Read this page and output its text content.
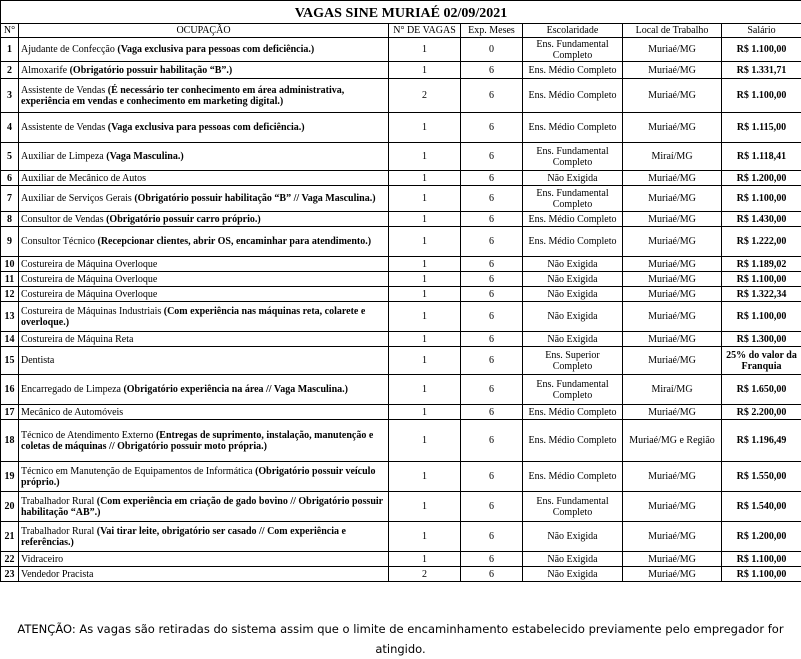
VAGAS SINE MURIAÉ 02/09/2021						
N°	OCUPAÇÃO	N° DE VAGAS	Exp. Meses	Escolaridade	Local de Trabalho	Salário
1	Ajudante de Confecção (Vaga exclusiva para pessoas com deficiência.)	1	0	Ens. Fundamental Completo	Muriaé/MG	R$ 1.100,00
2	Almoxarife (Obrigatório possuir habilitação “B”.)	1	6	Ens. Médio Completo	Muriaé/MG	R$ 1.331,71
3	Assistente de Vendas (É necessário ter conhecimento em área administrativa, experiência em vendas e conhecimento em marketing digital.)	2	6	Ens. Médio Completo	Muriaé/MG	R$ 1.100,00
4	Assistente de Vendas (Vaga exclusiva para pessoas com deficiência.)	1	6	Ens. Médio Completo	Muriaé/MG	R$ 1.115,00
5	Auxiliar de Limpeza (Vaga Masculina.)	1	6	Ens. Fundamental Completo	Miraí/MG	R$ 1.118,41
6	Auxiliar de Mecânico de Autos	1	6	Não Exigida	Muriaé/MG	R$ 1.200,00
7	Auxiliar de Serviços Gerais (Obrigatório possuir habilitação “B” // Vaga Masculina.)	1	6	Ens. Fundamental Completo	Muriaé/MG	R$ 1.100,00
8	Consultor de Vendas (Obrigatório possuir carro próprio.)	1	6	Ens. Médio Completo	Muriaé/MG	R$ 1.430,00
9	Consultor Técnico (Recepcionar clientes, abrir OS, encaminhar para atendimento.)	1	6	Ens. Médio Completo	Muriaé/MG	R$ 1.222,00
10	Costureira de Máquina Overloque	1	6	Não Exigida	Muriaé/MG	R$ 1.189,02
11	Costureira de Máquina Overloque	1	6	Não Exigida	Muriaé/MG	R$ 1.100,00
12	Costureira de Máquina Overloque	1	6	Não Exigida	Muriaé/MG	R$ 1.322,34
13	Costureira de Máquinas Industriais (Com experiência nas máquinas reta, colarete e overloque.)	1	6	Não Exigida	Muriaé/MG	R$ 1.100,00
14	Costureira de Máquina Reta	1	6	Não Exigida	Muriaé/MG	R$ 1.300,00
15	Dentista	1	6	Ens. Superior Completo	Muriaé/MG	25% do valor da Franquia
16	Encarregado de Limpeza (Obrigatório experiência na área // Vaga Masculina.)	1	6	Ens. Fundamental Completo	Miraí/MG	R$ 1.650,00
17	Mecânico de Automóveis	1	6	Ens. Médio Completo	Muriaé/MG	R$ 2.200,00
18	Técnico de Atendimento Externo (Entregas de suprimento, instalação, manutenção e coletas de máquinas // Obrigatório possuir moto própria.)	1	6	Ens. Médio Completo	Muriaé/MG e Região	R$ 1.196,49
19	Técnico em Manutenção de Equipamentos de Informática (Obrigatório possuir veículo próprio.)	1	6	Ens. Médio Completo	Muriaé/MG	R$ 1.550,00
20	Trabalhador Rural (Com experiência em criação de gado bovino // Obrigatório possuir habilitação “AB”.)	1	6	Ens. Fundamental Completo	Muriaé/MG	R$ 1.540,00
21	Trabalhador Rural (Vai tirar leite, obrigatório ser casado // Com experiência e referências.)	1	6	Não Exigida	Muriaé/MG	R$ 1.200,00
22	Vidraceiro	1	6	Não Exigida	Muriaé/MG	R$ 1.100,00
23	Vendedor Pracista	2	6	Não Exigida	Muriaé/MG	R$ 1.100,00
ATENÇÃO: As vagas são retiradas do sistema assim que o limite de encaminhamento estabelecido previamente pelo empregador for atingido.
